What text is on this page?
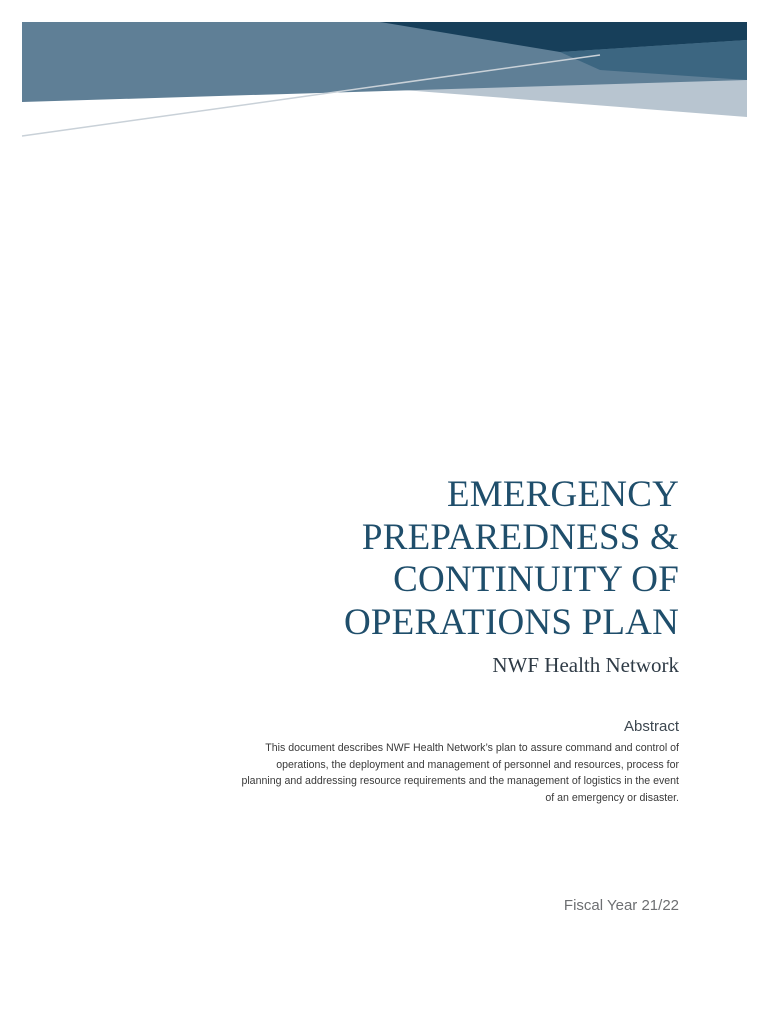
EMERGENCY
PREPAREDNESS &
CONTINUITY OF
OPERATIONS PLAN
NWF Health Network
Abstract
This document describes NWF Health Network’s plan to assure command and control of
operations, the deployment and management of personnel and resources, process for
planning and addressing resource requirements and the management of logistics in the event
of an emergency or disaster.
Fiscal Year 21/22
